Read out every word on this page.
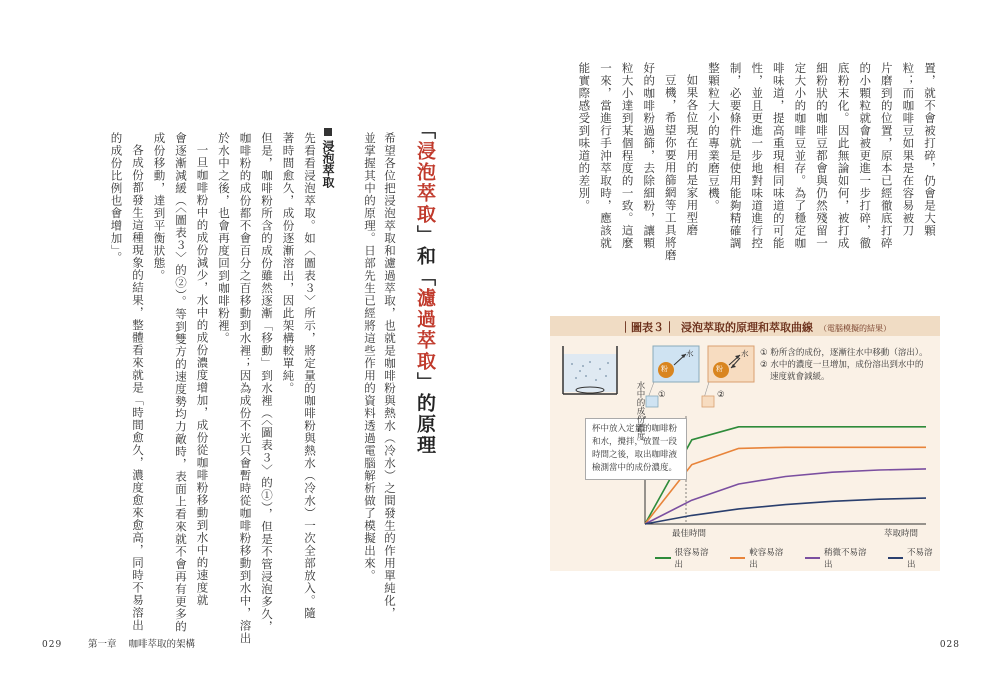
置，就不會被打碎，仍會是大顆
粒；而咖啡豆如果是在容易被刀
片磨到的位置，原本已經徹底打碎
的小顆粒就會被更進一步打碎，徹
底粉末化。因此無論如何，被打成
細粉狀的咖啡豆都會與仍然殘留一
定大小的咖啡豆並存。為了穩定咖
啡味道，提高重現相同味道的可能
性，並且更進一步地對味道進行控
制，必要條件就是使用能夠精確調
整顆粒大小的專業磨豆機。
如果各位現在用的是家用型磨
豆機，希望你要用篩網等工具將磨
好的咖啡粉過篩，去除細粉，讓顆
粒大小達到某個程度的一致。這麼
一來，當進行手沖萃取時，應該就
能實際感受到味道的差別。
028
「浸泡萃取」和「濾過萃取」的原理
希望各位把浸泡萃取和濾過萃取，也就是咖啡粉與熱水（冷水）之間發生的作用單純化，
並掌握其中的原理。日部先生已經將這些作用的資料透過電腦解析做了模擬出來。
浸泡萃取
先看看浸泡萃取。如〈圖表３〉所示，將定量的咖啡粉與熱水（冷水）一次全部放入。隨
著時間愈久，成份逐漸溶出，因此架構較單純。
但是，咖啡粉所含的成份雖然逐漸「移動」到水裡（〈圖表３〉的①），但是不管浸泡多久，
咖啡粉的成份都不會百分之百移動到水裡；因為成份不光只會暫時從咖啡粉移動到水中，溶出
於水中之後，也會再度回到咖啡粉裡。
一旦咖啡粉中的成份減少，水中的成份濃度增加，成份從咖啡粉移動到水中的速度就
會逐漸減緩（〈圖表３〉的②）。等到雙方的速度勢均力敵時，表面上看來就不會再有更多的
成份移動，達到平衡狀態。
各成份都發生這種現象的結果，整體看來就是「時間愈久，濃度愈來愈高，同時不易溶出
的成份比例也會增加」。
029	第一章 咖啡萃取的架構
｜圖表３｜ 浸泡萃取的原理和萃取曲線 （電腦模擬的結果）
①	②
粉	粉
水	水 ① 粉所含的成份，逐漸往水中移動（溶出）。
② 水中的濃度一旦增加，成份溶出到水中的
速度就會減緩。
杯中放入定量的咖啡粉和水，攪拌，放置一段時間之後，取出咖啡液檢測當中的成份濃度。
水中的成份濃度
最佳時間	萃取時間
很容易溶出
較容易溶出
稍微不易溶出
不易溶出
